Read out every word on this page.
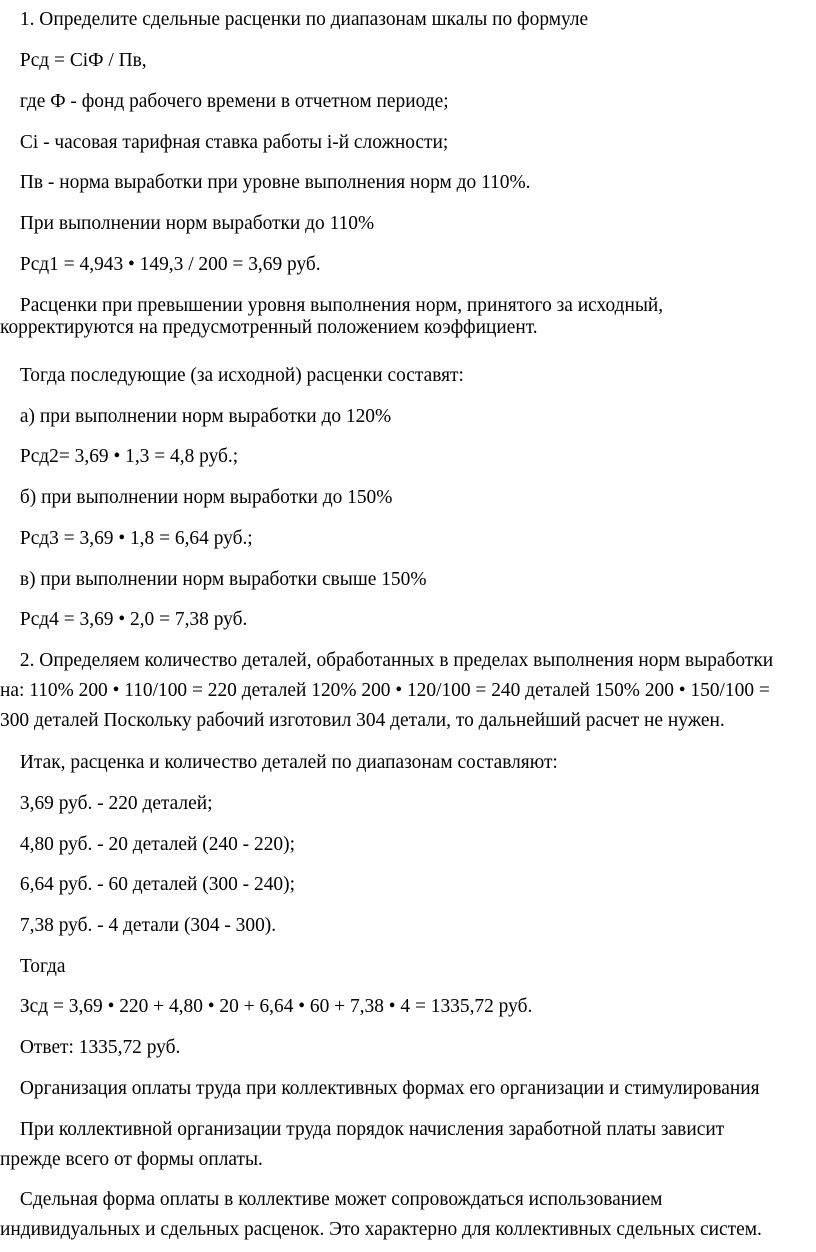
1. Определите сдельные расценки по диапазонам шкалы по формуле
Рсд = СiФ / Пв,
где Ф - фонд рабочего времени в отчетном периоде;
Сi - часовая тарифная ставка работы i-й сложности;
Пв - норма выработки при уровне выполнения норм до 110%.
При выполнении норм выработки до 110%
Рсд1 = 4,943 • 149,3 / 200 = 3,69 руб.
Расценки при превышении уровня выполнения норм, принятого за исходный,
корректируются на предусмотренный положением коэффициент.
Тогда последующие (за исходной) расценки составят:
а) при выполнении норм выработки до 120%
Рсд2= 3,69 • 1,3 = 4,8 руб.;
б) при выполнении норм выработки до 150%
Рсд3 = 3,69 • 1,8 = 6,64 руб.;
в) при выполнении норм выработки свыше 150%
Рсд4 = 3,69 • 2,0 = 7,38 руб.
2. Определяем количество деталей, обработанных в пределах выполнения норм выработки
на: 110% 200 • 110/100 = 220 деталей 120% 200 • 120/100 = 240 деталей 150% 200 • 150/100 =
300 деталей Поскольку рабочий изготовил 304 детали, то дальнейший расчет не нужен.
Итак, расценка и количество деталей по диапазонам составляют:
3,69 руб. - 220 деталей;
4,80 руб. - 20 деталей (240 - 220);
6,64 руб. - 60 деталей (300 - 240);
7,38 руб. - 4 детали (304 - 300).
Тогда
Зсд = 3,69 • 220 + 4,80 • 20 + 6,64 • 60 + 7,38 • 4 = 1335,72 руб.
Ответ: 1335,72 руб.
Организация оплаты труда при коллективных формах его организации и стимулирования
При коллективной организации труда порядок начисления заработной платы зависит
прежде всего от формы оплаты.
Сдельная форма оплаты в коллективе может сопровождаться использованием
индивидуальных и сдельных расценок. Это характерно для коллективных сдельных систем.
